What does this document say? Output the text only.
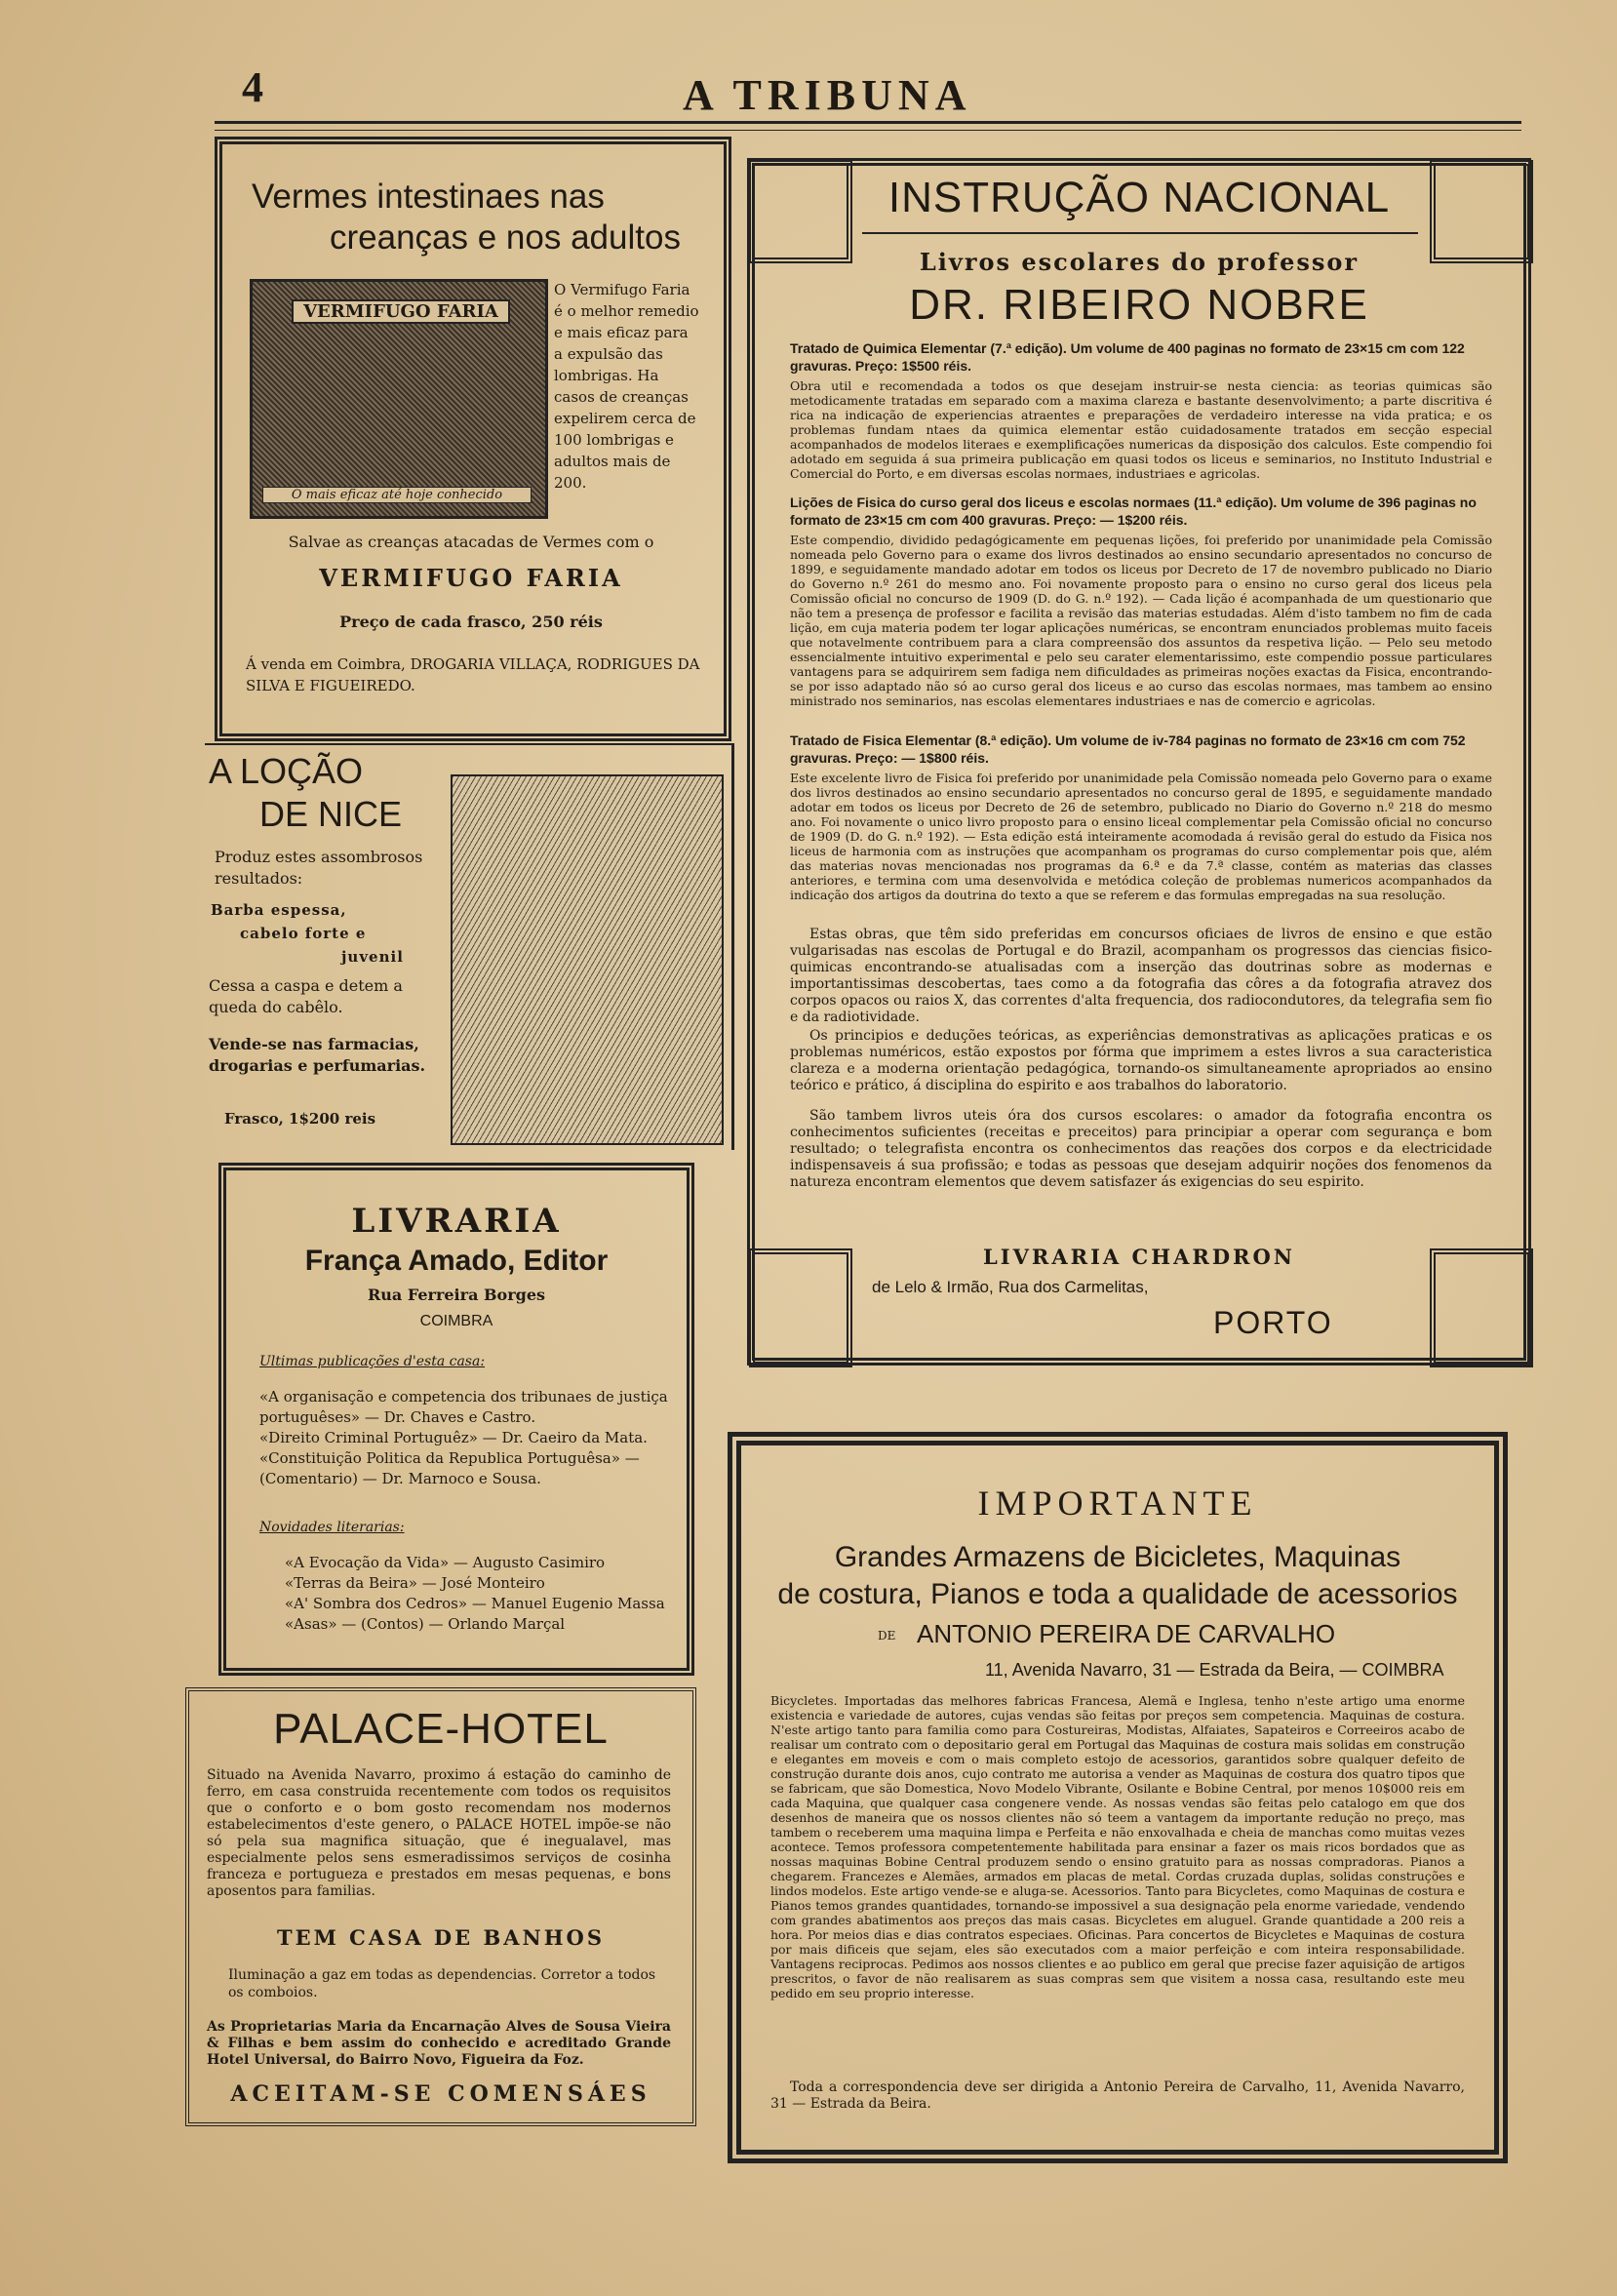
4	A TRIBUNA
Vermes intestinaes nas
creanças e nos adultos
VERMIFUGO FARIA
O mais eficaz até hoje conhecido
O Vermifugo Faria é o melhor remedio e mais eficaz para a expulsão das lombrigas. Ha casos de creanças expelirem cerca de 100 lombrigas e adultos mais de 200.
Salvae as creanças atacadas de Vermes com o
VERMIFUGO FARIA
Preço de cada frasco, 250 réis
Á venda em Coimbra, DROGARIA VILLAÇA, RODRIGUES DA SILVA E FIGUEIREDO.
A LOÇÃO
DE NICE
Produz estes assombrosos resultados:
Barba espessa,
cabelo forte e
juvenil
Cessa a caspa e detem a queda do cabêlo.
Vende-se nas farmacias, drogarias e perfumarias.
Frasco, 1$200 reis
LIVRARIA
França Amado, Editor
Rua Ferreira Borges
COIMBRA
Ultimas publicações d'esta casa:
«A organisação e competencia dos tribunaes de justiça portuguêses» — Dr. Chaves e Castro.
«Direito Criminal Portuguêz» — Dr. Caeiro da Mata.
«Constituição Politica da Republica Portuguêsa» — (Comentario) — Dr. Marnoco e Sousa.
Novidades literarias:
«A Evocação da Vida» — Augusto Casimiro
«Terras da Beira» — José Monteiro
«A' Sombra dos Cedros» — Manuel Eugenio Massa
«Asas» — (Contos) — Orlando Marçal
PALACE-HOTEL
Situado na Avenida Navarro, proximo á estação do caminho de ferro, em casa construida recentemente com todos os requisitos que o conforto e o bom gosto recomendam nos modernos estabelecimentos d'este genero, o PALACE HOTEL impõe-se não só pela sua magnifica situação, que é inegualavel, mas especialmente pelos sens esmeradissimos serviços de cosinha franceza e portugueza e prestados em mesas pequenas, e bons aposentos para familias.
TEM CASA DE BANHOS
Iluminação a gaz em todas as dependencias. Corretor a todos os comboios.
As Proprietarias Maria da Encarnação Alves de Sousa Vieira & Filhas e bem assim do conhecido e acreditado Grande Hotel Universal, do Bairro Novo, Figueira da Foz.
ACEITAM-SE COMENSÁES
INSTRUÇÃO NACIONAL
Livros escolares do professor
DR. RIBEIRO NOBRE
Tratado de Quimica Elementar (7.ª edição). Um volume de 400 paginas no formato de 23×15 cm com 122 gravuras. Preço: 1$500 réis.
Obra util e recomendada a todos os que desejam instruir-se nesta ciencia: as teorias quimicas são metodicamente tratadas em separado com a maxima clareza e bastante desenvolvimento; a parte discritiva é rica na indicação de experiencias atraentes e preparações de verdadeiro interesse na vida pratica; e os problemas fundam ntaes da quimica elementar estão cuidadosamente tratados em secção especial acompanhados de modelos literaes e exemplificações numericas da disposição dos calculos. Este compendio foi adotado em seguida á sua primeira publicação em quasi todos os liceus e seminarios, no Instituto Industrial e Comercial do Porto, e em diversas escolas normaes, industriaes e agricolas.
Lições de Fisica do curso geral dos liceus e escolas normaes (11.ª edição). Um volume de 396 paginas no formato de 23×15 cm com 400 gravuras. Preço: — 1$200 réis.
Este compendio, dividido pedagógicamente em pequenas lições, foi preferido por unanimidade pela Comissão nomeada pelo Governo para o exame dos livros destinados ao ensino secundario apresentados no concurso de 1899, e seguidamente mandado adotar em todos os liceus por Decreto de 17 de novembro publicado no Diario do Governo n.º 261 do mesmo ano. Foi novamente proposto para o ensino no curso geral dos liceus pela Comissão oficial no concurso de 1909 (D. do G. n.º 192). — Cada lição é acompanhada de um questionario que não tem a presença de professor e facilita a revisão das materias estudadas. Além d'isto tambem no fim de cada lição, em cuja materia podem ter logar aplicações numéricas, se encontram enunciados problemas muito faceis que notavelmente contribuem para a clara compreensão dos assuntos da respetiva lição. — Pelo seu metodo essencialmente intuitivo experimental e pelo seu carater elementarissimo, este compendio possue particulares vantagens para se adquirirem sem fadiga nem dificuldades as primeiras noções exactas da Fisica, encontrando-se por isso adaptado não só ao curso geral dos liceus e ao curso das escolas normaes, mas tambem ao ensino ministrado nos seminarios, nas escolas elementares industriaes e nas de comercio e agricolas.
Tratado de Fisica Elementar (8.ª edição). Um volume de iv-784 paginas no formato de 23×16 cm com 752 gravuras. Preço: — 1$800 réis.
Este excelente livro de Fisica foi preferido por unanimidade pela Comissão nomeada pelo Governo para o exame dos livros destinados ao ensino secundario apresentados no concurso geral de 1895, e seguidamente mandado adotar em todos os liceus por Decreto de 26 de setembro, publicado no Diario do Governo n.º 218 do mesmo ano. Foi novamente o unico livro proposto para o ensino liceal complementar pela Comissão oficial no concurso de 1909 (D. do G. n.º 192). — Esta edição está inteiramente acomodada á revisão geral do estudo da Fisica nos liceus de harmonia com as instruções que acompanham os programas do curso complementar pois que, além das materias novas mencionadas nos programas da 6.ª e da 7.ª classe, contém as materias das classes anteriores, e termina com uma desenvolvida e metódica coleção de problemas numericos acompanhados da indicação dos artigos da doutrina do texto a que se referem e das formulas empregadas na sua resolução.
Estas obras, que têm sido preferidas em concursos oficiaes de livros de ensino e que estão vulgarisadas nas escolas de Portugal e do Brazil, acompanham os progressos das ciencias fisico-quimicas encontrando-se atualisadas com a inserção das doutrinas sobre as modernas e importantissimas descobertas, taes como a da fotografia das côres a da fotografia atravez dos corpos opacos ou raios X, das correntes d'alta frequencia, dos radiocondutores, da telegrafia sem fio e da radiotividade.
Os principios e deduções teóricas, as experiências demonstrativas as aplicações praticas e os problemas numéricos, estão expostos por fórma que imprimem a estes livros a sua caracteristica clareza e a moderna orientação pedagógica, tornando-os simultaneamente apropriados ao ensino teórico e prático, á disciplina do espirito e aos trabalhos do laboratorio.
São tambem livros uteis óra dos cursos escolares: o amador da fotografia encontra os conhecimentos suficientes (receitas e preceitos) para principiar a operar com segurança e bom resultado; o telegrafista encontra os conhecimentos das reações dos corpos e da electricidade indispensaveis á sua profissão; e todas as pessoas que desejam adquirir noções dos fenomenos da natureza encontram elementos que devem satisfazer ás exigencias do seu espirito.
LIVRARIA CHARDRON
de Lelo & Irmão, Rua dos Carmelitas,
PORTO
IMPORTANTE
Grandes Armazens de Bicicletes, Maquinas
de costura, Pianos e toda a qualidade de acessorios
DE ANTONIO PEREIRA DE CARVALHO
11, Avenida Navarro, 31 — Estrada da Beira, — COIMBRA
Bicycletes. Importadas das melhores fabricas Francesa, Alemã e Inglesa, tenho n'este artigo uma enorme existencia e variedade de autores, cujas vendas são feitas por preços sem competencia. Maquinas de costura. N'este artigo tanto para familia como para Costureiras, Modistas, Alfaiates, Sapateiros e Correeiros acabo de realisar um contrato com o depositario geral em Portugal das Maquinas de costura mais solidas em construção e elegantes em moveis e com o mais completo estojo de acessorios, garantidos sobre qualquer defeito de construção durante dois anos, cujo contrato me autorisa a vender as Maquinas de costura dos quatro tipos que se fabricam, que são Domestica, Novo Modelo Vibrante, Osilante e Bobine Central, por menos 10$000 reis em cada Maquina, que qualquer casa congenere vende. As nossas vendas são feitas pelo catalogo em que dos desenhos de maneira que os nossos clientes não só teem a vantagem da importante redução no preço, mas tambem o receberem uma maquina limpa e Perfeita e não enxovalhada e cheia de manchas como muitas vezes acontece. Temos professora competentemente habilitada para ensinar a fazer os mais ricos bordados que as nossas maquinas Bobine Central produzem sendo o ensino gratuito para as nossas compradoras. Pianos a chegarem. Francezes e Alemães, armados em placas de metal. Cordas cruzada duplas, solidas construções e lindos modelos. Este artigo vende-se e aluga-se. Acessorios. Tanto para Bicycletes, como Maquinas de costura e Pianos temos grandes quantidades, tornando-se impossivel a sua designação pela enorme variedade, vendendo com grandes abatimentos aos preços das mais casas. Bicycletes em aluguel. Grande quantidade a 200 reis a hora. Por meios dias e dias contratos especiaes. Oficinas. Para concertos de Bicycletes e Maquinas de costura por mais dificeis que sejam, eles são executados com a maior perfeição e com inteira responsabilidade. Vantagens reciprocas. Pedimos aos nossos clientes e ao publico em geral que precise fazer aquisição de artigos prescritos, o favor de não realisarem as suas compras sem que visitem a nossa casa, resultando este meu pedido em seu proprio interesse.
Toda a correspondencia deve ser dirigida a Antonio Pereira de Carvalho, 11, Avenida Navarro, 31 — Estrada da Beira.
